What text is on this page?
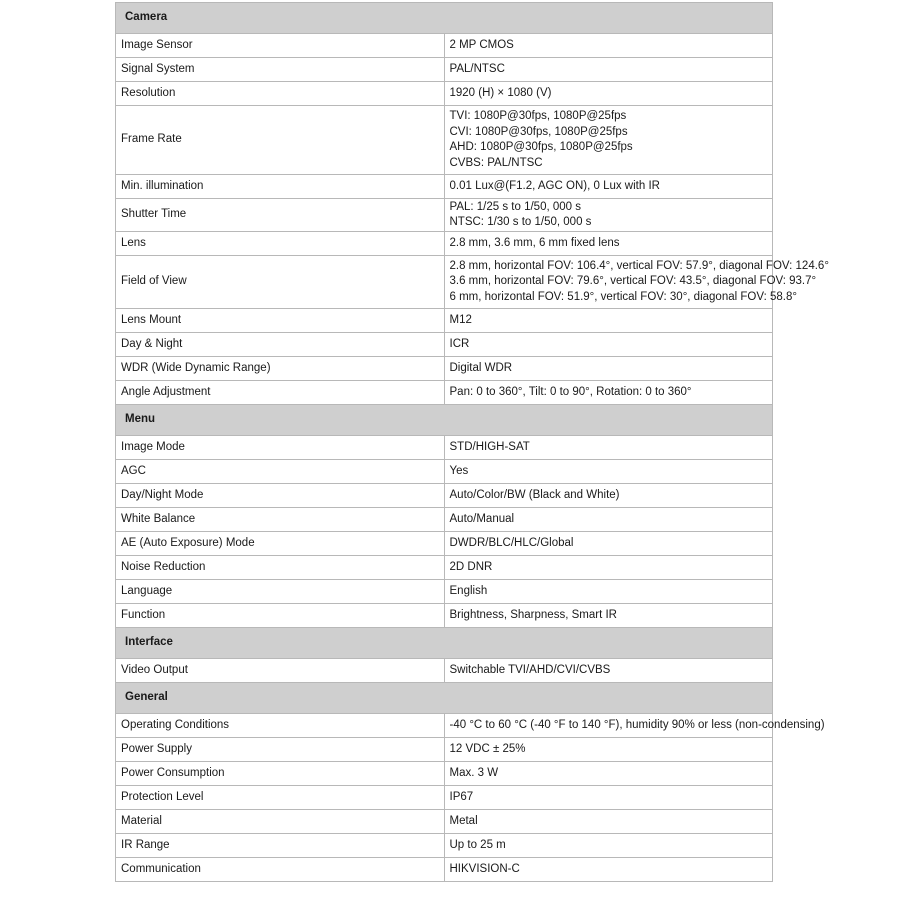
Camera	
Image Sensor	2 MP CMOS

Signal System	PAL/NTSC

Resolution	1920 (H) × 1080 (V)

Frame Rate	TVI: 1080P@30fps, 1080P@25fps
CVI: 1080P@30fps, 1080P@25fps
AHD: 1080P@30fps, 1080P@25fps
CVBS: PAL/NTSC

Min. illumination	0.01 Lux@(F1.2, AGC ON), 0 Lux with IR

Shutter Time	PAL: 1/25 s to 1/50, 000 s
NTSC: 1/30 s to 1/50, 000 s

Lens	2.8 mm, 3.6 mm, 6 mm fixed lens

Field of View	2.8 mm, horizontal FOV: 106.4°, vertical FOV: 57.9°, diagonal FOV: 124.6°
3.6 mm, horizontal FOV: 79.6°, vertical FOV: 43.5°, diagonal FOV: 93.7°
6 mm, horizontal FOV: 51.9°, vertical FOV: 30°, diagonal FOV: 58.8°

Lens Mount	M12

Day & Night	ICR

WDR (Wide Dynamic Range)	Digital WDR

Angle Adjustment	Pan: 0 to 360°, Tilt: 0 to 90°, Rotation: 0 to 360°

Menu	
Image Mode	STD/HIGH-SAT

AGC	Yes

Day/Night Mode	Auto/Color/BW (Black and White)

White Balance	Auto/Manual

AE (Auto Exposure) Mode	DWDR/BLC/HLC/Global

Noise Reduction	2D DNR

Language	English

Function	Brightness, Sharpness, Smart IR

Interface	
Video Output	Switchable TVI/AHD/CVI/CVBS

General	
Operating Conditions	-40 °C to 60 °C (-40 °F to 140 °F), humidity 90% or less (non-condensing)

Power Supply	12 VDC ± 25%

Power Consumption	Max. 3 W

Protection Level	IP67

Material	Metal

IR Range	Up to 25 m

Communication	HIKVISION-C
